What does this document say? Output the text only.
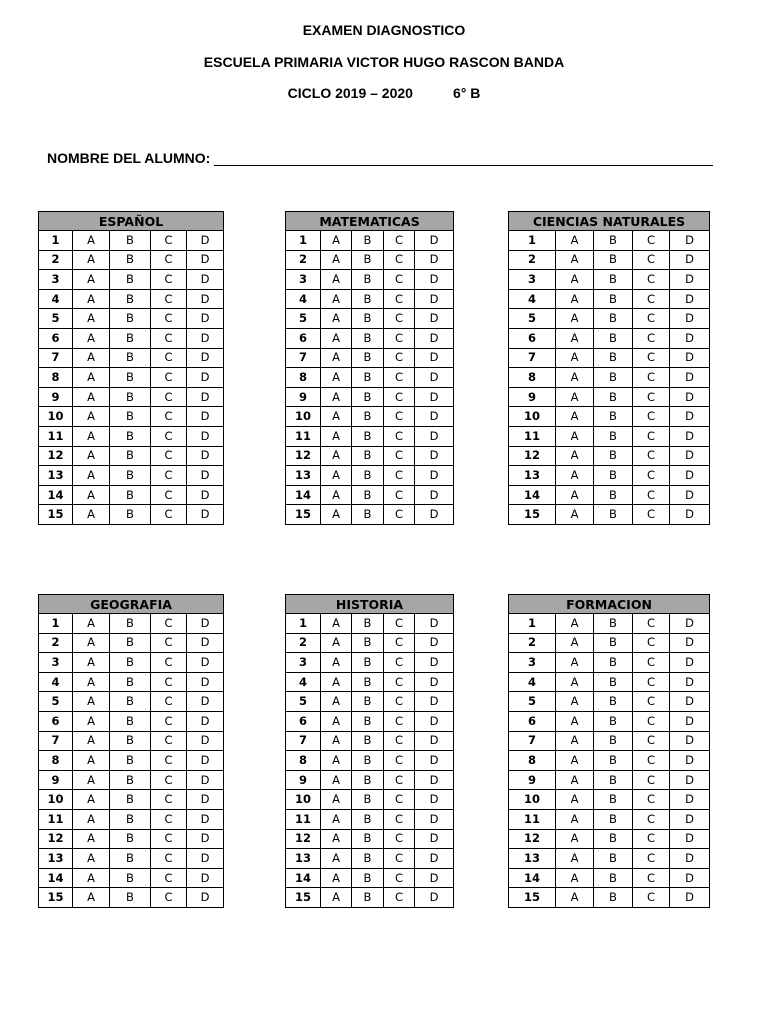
EXAMEN DIAGNOSTICO
ESCUELA PRIMARIA VICTOR HUGO RASCON BANDA
CICLO 2019 – 2020	6° B
NOMBRE DEL ALUMNO:
ESPAÑOL				
1	A	B	C	D
2	A	B	C	D
3	A	B	C	D
4	A	B	C	D
5	A	B	C	D
6	A	B	C	D
7	A	B	C	D
8	A	B	C	D
9	A	B	C	D
10	A	B	C	D
11	A	B	C	D
12	A	B	C	D
13	A	B	C	D
14	A	B	C	D
15	A	B	C	D
MATEMATICAS				
1	A	B	C	D
2	A	B	C	D
3	A	B	C	D
4	A	B	C	D
5	A	B	C	D
6	A	B	C	D
7	A	B	C	D
8	A	B	C	D
9	A	B	C	D
10	A	B	C	D
11	A	B	C	D
12	A	B	C	D
13	A	B	C	D
14	A	B	C	D
15	A	B	C	D
CIENCIAS NATURALES				
1	A	B	C	D
2	A	B	C	D
3	A	B	C	D
4	A	B	C	D
5	A	B	C	D
6	A	B	C	D
7	A	B	C	D
8	A	B	C	D
9	A	B	C	D
10	A	B	C	D
11	A	B	C	D
12	A	B	C	D
13	A	B	C	D
14	A	B	C	D
15	A	B	C	D
GEOGRAFIA				
1	A	B	C	D
2	A	B	C	D
3	A	B	C	D
4	A	B	C	D
5	A	B	C	D
6	A	B	C	D
7	A	B	C	D
8	A	B	C	D
9	A	B	C	D
10	A	B	C	D
11	A	B	C	D
12	A	B	C	D
13	A	B	C	D
14	A	B	C	D
15	A	B	C	D
HISTORIA				
1	A	B	C	D
2	A	B	C	D
3	A	B	C	D
4	A	B	C	D
5	A	B	C	D
6	A	B	C	D
7	A	B	C	D
8	A	B	C	D
9	A	B	C	D
10	A	B	C	D
11	A	B	C	D
12	A	B	C	D
13	A	B	C	D
14	A	B	C	D
15	A	B	C	D
FORMACION				
1	A	B	C	D
2	A	B	C	D
3	A	B	C	D
4	A	B	C	D
5	A	B	C	D
6	A	B	C	D
7	A	B	C	D
8	A	B	C	D
9	A	B	C	D
10	A	B	C	D
11	A	B	C	D
12	A	B	C	D
13	A	B	C	D
14	A	B	C	D
15	A	B	C	D
